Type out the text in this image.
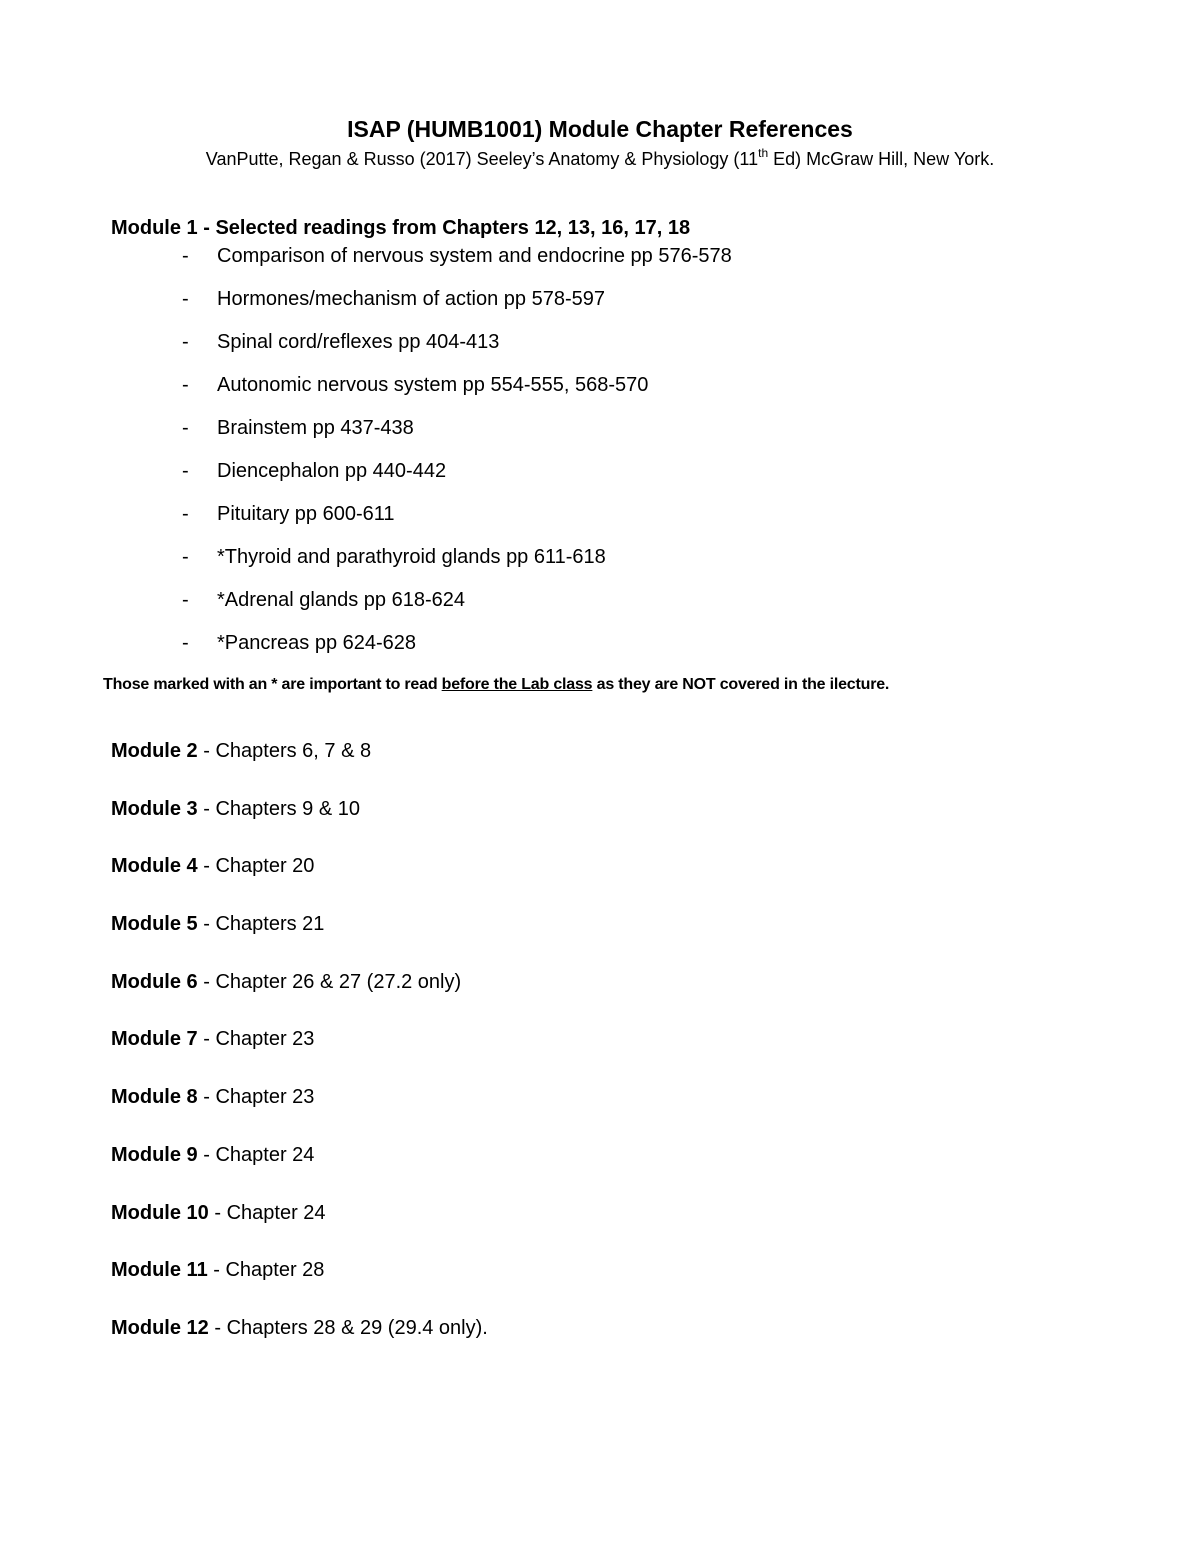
ISAP (HUMB1001) Module Chapter References
VanPutte, Regan & Russo (2017) Seeley’s Anatomy & Physiology (11th Ed) McGraw Hill, New York.
Module 1 - Selected readings from Chapters 12, 13, 16, 17, 18
- Comparison of nervous system and endocrine pp 576-578
- Hormones/mechanism of action pp 578-597
- Spinal cord/reflexes pp 404-413
- Autonomic nervous system pp 554-555, 568-570
- Brainstem pp 437-438
- Diencephalon pp 440-442
- Pituitary pp 600-611
- *Thyroid and parathyroid glands pp 611-618
- *Adrenal glands pp 618-624
- *Pancreas pp 624-628
Those marked with an * are important to read before the Lab class as they are NOT covered in the ilecture.
Module 2 - Chapters 6, 7 & 8
Module 3 - Chapters 9 & 10
Module 4 - Chapter 20
Module 5 - Chapters 21
Module 6 - Chapter 26 & 27 (27.2 only)
Module 7 - Chapter 23
Module 8 - Chapter 23
Module 9 - Chapter 24
Module 10 - Chapter 24
Module 11 - Chapter 28
Module 12 - Chapters 28 & 29 (29.4 only).
